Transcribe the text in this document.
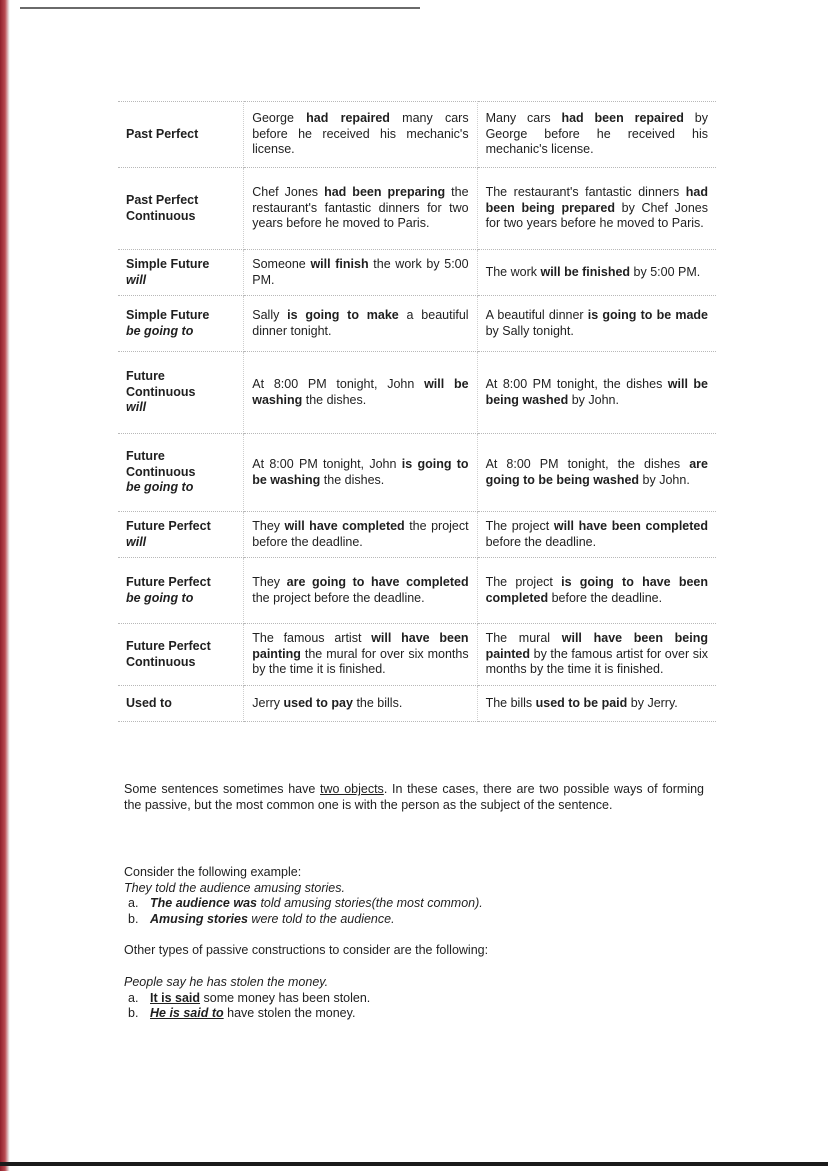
Past Perfect	George had repaired many cars before he received his mechanic's license.	Many cars had been repaired by George before he received his mechanic's license.

Past Perfect
Continuous	Chef Jones had been preparing the restaurant's fantastic dinners for two years before he moved to Paris.	The restaurant's fantastic dinners had been being prepared by Chef Jones for two years before he moved to Paris.

Simple Future
will	Someone will finish the work by 5:00 PM.	The work will be finished by 5:00 PM.

Simple Future
be going to	Sally is going to make a beautiful dinner tonight.	A beautiful dinner is going to be made by Sally tonight.

Future
Continuous
will	At 8:00 PM tonight, John will be washing the dishes.	At 8:00 PM tonight, the dishes will be being washed by John.

Future
Continuous
be going to	At 8:00 PM tonight, John is going to be washing the dishes.	At 8:00 PM tonight, the dishes are going to be being washed by John.

Future Perfect
will	They will have completed the project before the deadline.	The project will have been completed before the deadline.

Future Perfect
be going to	They are going to have completed the project before the deadline.	The project is going to have been completed before the deadline.

Future Perfect
Continuous	The famous artist will have been painting the mural for over six months by the time it is finished.	The mural will have been being painted by the famous artist for over six months by the time it is finished.

Used to	Jerry used to pay the bills.	The bills used to be paid by Jerry.

Some sentences sometimes have two objects. In these cases, there are two possible ways of forming the passive, but the most common one is with the person as the subject of the sentence.

Consider the following example:

They told the audience amusing stories.

a. The audience was told amusing stories(the most common).
b. Amusing stories were told to the audience.

Other types of passive constructions to consider are the following:

People say he has stolen the money.

a. It is said some money has been stolen.
b. He is said to have stolen the money.
